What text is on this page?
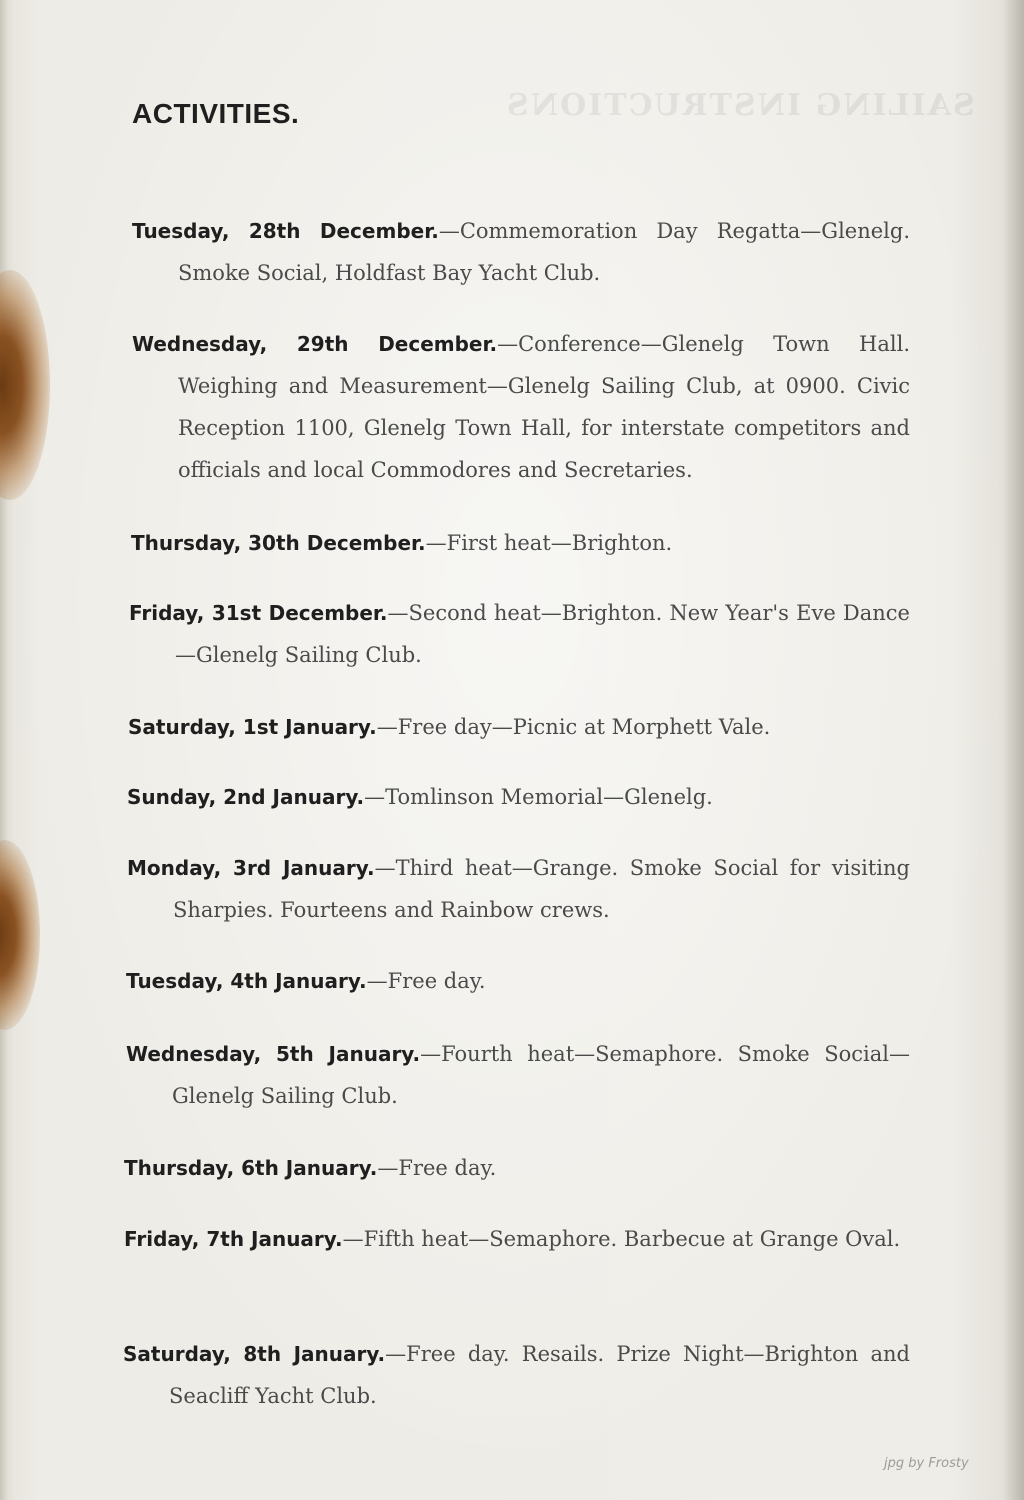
SAILING INSTRUCTIONS
ACTIVITIES.

Tuesday, 28th December.—Commemoration Day Regatta—Glenelg. Smoke Social, Holdfast Bay Yacht Club.

Wednesday, 29th December.—Conference—Glenelg Town Hall. Weighing and Measurement—Glenelg Sailing Club, at 0900. Civic Reception 1100, Glenelg Town Hall, for interstate competitors and officials and local Commodores and Secretaries.

Thursday, 30th December.—First heat—Brighton.

Friday, 31st December.—Second heat—Brighton. New Year's Eve Dance—Glenelg Sailing Club.

Saturday, 1st January.—Free day—Picnic at Morphett Vale.

Sunday, 2nd January.—Tomlinson Memorial—Glenelg.

Monday, 3rd January.—Third heat—Grange. Smoke Social for visiting Sharpies. Fourteens and Rainbow crews.

Tuesday, 4th January.—Free day.

Wednesday, 5th January.—Fourth heat—Semaphore. Smoke Social—Glenelg Sailing Club.

Thursday, 6th January.—Free day.

Friday, 7th January.—Fifth heat—Semaphore. Barbecue at Grange Oval.

Saturday, 8th January.—Free day. Resails. Prize Night—Brighton and Seacliff Yacht Club.

jpg by Frosty
